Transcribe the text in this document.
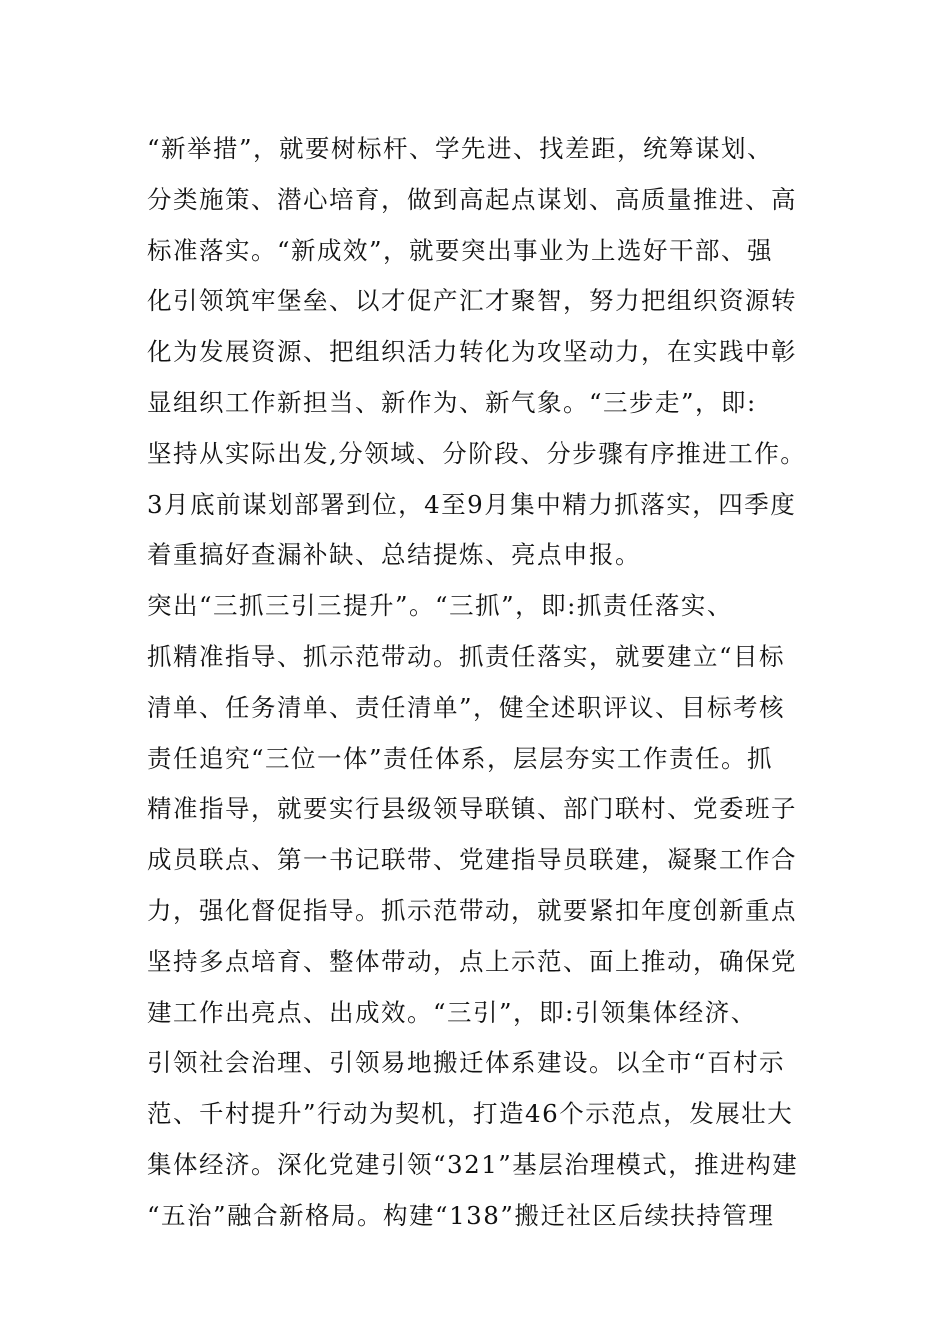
“新举措”，就要树标杆、学先进、找差距，统筹谋划、
分类施策、潜心培育，做到高起点谋划、高质量推进、高
标准落实。“新成效”，就要突出事业为上选好干部、强
化引领筑牢堡垒、以才促产汇才聚智，努力把组织资源转
化为发展资源、把组织活力转化为攻坚动力，在实践中彰
显组织工作新担当、新作为、新气象。“三步走”，即:
坚持从实际出发,分领域、分阶段、分步骤有序推进工作。
3月底前谋划部署到位，4至9月集中精力抓落实，四季度
着重搞好查漏补缺、总结提炼、亮点申报。
突出“三抓三引三提升”。“三抓”，即:抓责任落实、
抓精准指导、抓示范带动。抓责任落实，就要建立“目标
清单、任务清单、责任清单”，健全述职评议、目标考核
责任追究“三位一体”责任体系，层层夯实工作责任。抓
精准指导，就要实行县级领导联镇、部门联村、党委班子
成员联点、第一书记联带、党建指导员联建，凝聚工作合
力，强化督促指导。抓示范带动，就要紧扣年度创新重点
坚持多点培育、整体带动，点上示范、面上推动，确保党
建工作出亮点、出成效。“三引”，即:引领集体经济、
引领社会治理、引领易地搬迁体系建设。以全市“百村示
范、千村提升”行动为契机，打造46个示范点，发展壮大
集体经济。深化党建引领“321”基层治理模式，推进构建
“五治”融合新格局。构建“138”搬迁社区后续扶持管理
